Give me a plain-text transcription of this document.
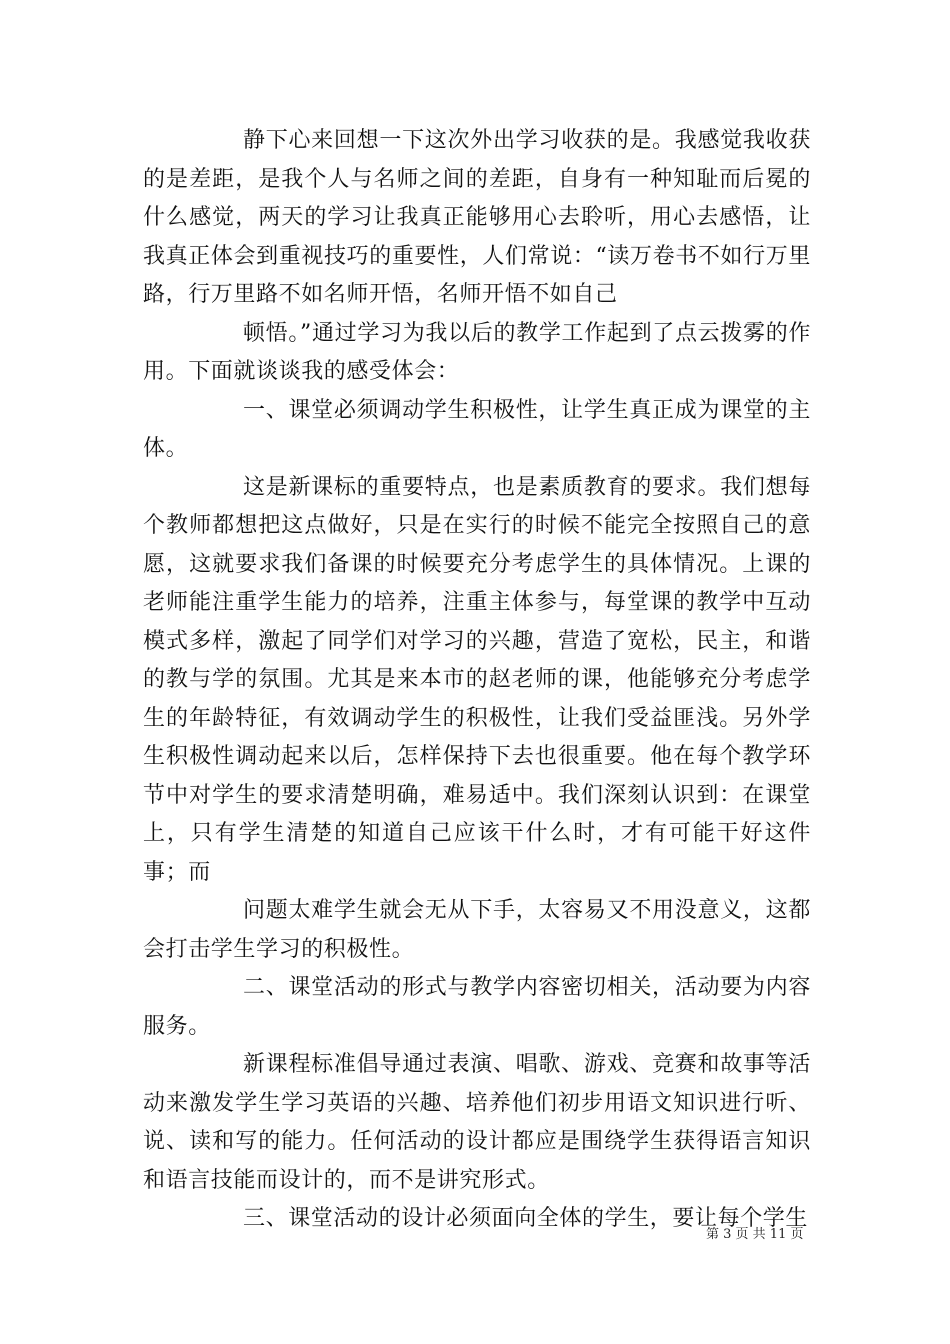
静下心来回想一下这次外出学习收获的是。我感觉我收获的是差距，是我个人与名师之间的差距，自身有一种知耻而后冕的什么感觉，两天的学习让我真正能够用心去聆听，用心去感悟，让我真正体会到重视技巧的重要性，人们常说：“读万卷书不如行万里路，行万里路不如名师开悟，名师开悟不如自己

顿悟。”通过学习为我以后的教学工作起到了点云拨雾的作用。下面就谈谈我的感受体会：

一、课堂必须调动学生积极性，让学生真正成为课堂的主体。

这是新课标的重要特点，也是素质教育的要求。我们想每个教师都想把这点做好，只是在实行的时候不能完全按照自己的意愿，这就要求我们备课的时候要充分考虑学生的具体情况。上课的老师能注重学生能力的培养，注重主体参与，每堂课的教学中互动模式多样，激起了同学们对学习的兴趣，营造了宽松，民主，和谐的教与学的氛围。尤其是来本市的赵老师的课，他能够充分考虑学生的年龄特征，有效调动学生的积极性，让我们受益匪浅。另外学生积极性调动起来以后，怎样保持下去也很重要。他在每个教学环节中对学生的要求清楚明确，难易适中。我们深刻认识到：在课堂上，只有学生清楚的知道自己应该干什么时，才有可能干好这件事；而

问题太难学生就会无从下手，太容易又不用没意义，这都会打击学生学习的积极性。

二、课堂活动的形式与教学内容密切相关，活动要为内容服务。

新课程标准倡导通过表演、唱歌、游戏、竞赛和故事等活动来激发学生学习英语的兴趣、培养他们初步用语文知识进行听、说、读和写的能力。任何活动的设计都应是围绕学生获得语言知识和语言技能而设计的，而不是讲究形式。

三、课堂活动的设计必须面向全体的学生，要让每个学生

第 3 页 共 11 页
